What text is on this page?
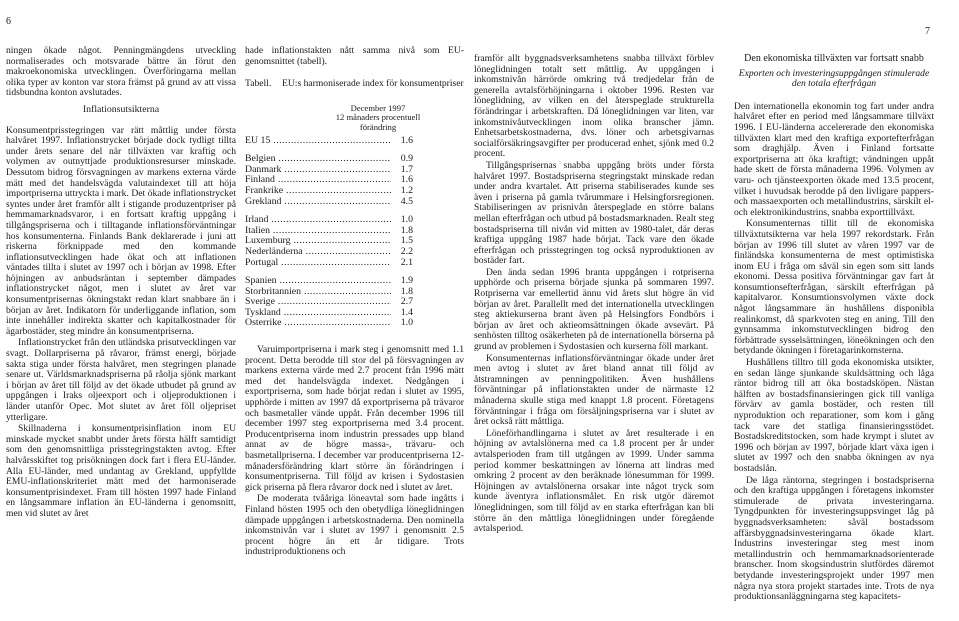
6
7

ningen ökade något. Penningmängdens utveckling normaliserades och motsvarade bättre än förut den makroekonomiska utvecklingen. Överföringarna mellan olika typer av konton var stora främst på grund av att vissa tidsbundna konton avslutades.

Inflationsutsikterna

Konsumentprisstegringen var rätt måttlig under första halvåret 1997. Inflationstrycket började dock tydligt tillta under årets senare del när tillväxten var kraftig och volymen av outnyttjade produktionsresurser minskade. Dessutom bidrog försvagningen av markens externa värde mätt med det handelsvägda valutaindexet till att höja importpriserna uttryckta i mark. Det ökade inflationstrycket syntes under året framför allt i stigande produzentpriser på hemmamarknadsvaror, i en fortsatt kraftig uppgång i tillgångspriserna och i tilltagande inflationsförväntningar hos konsumenterna. Finlands Bank deklarerade i juni att riskerna förknippade med den kommande inflationsutvecklingen hade ökat och att inflationen väntades tillta i slutet av 1997 och i början av 1998. Efter höjningen av anbudsräntan i september dämpades inflationstrycket något, men i slutet av året var konsumentprisernas ökningstakt redan klart snabbare än i början av året. Indikatorn för underliggande inflation, som inte innehåller indirekta skatter och kapitalkostnader för ägarbostäder, steg mindre än konsumentpriserna.

Inflationstrycket från den utländska prisutvecklingen var svagt. Dollarpriserna på råvaror, främst energi, började sakta stiga under första halvåret, men stegringen planade senare ut. Världsmarknadspriserna på råolja sjönk markant i början av året till följd av det ökade utbudet på grund av uppgången i Iraks oljeexport och i oljeproduktionen i länder utanför Opec. Mot slutet av året föll oljepriset ytterligare.

Skillnaderna i konsumentprisinflation inom EU minskade mycket snabbt under årets första hälft samtidigt som den genomsnittliga prisstegringstakten avtog. Efter halvårsskiftet tog prisökningen dock fart i flera EU-länder. Alla EU-länder, med undantag av Grekland, uppfyllde EMU-inflationskriteriet mätt med det harmoniserade konsumentprisindexet. Fram till hösten 1997 hade Finland en långsammare inflation än EU-länderna i genomsnitt, men vid slutet av året

hade inflationstakten nått samma nivå som EU-genomsnittet (tabell).

Tabell.	EU:s harmoniserade index för konsumentpriser
December 1997
12 månaders procentuell förändring
EU 15 .....	1.6
Belgien .....	0.9
Danmark .....	1.7
Finland .....	1.6
Frankrike .....	1.2
Grekland .....	4.5
Irland .....	1.0
Italien .....	1.8
Luxemburg .....	1.5
Nederländerna .....	2.2
Portugal .....	2.1
Spanien .....	1.9
Storbritannien .....	1.8
Sverige .....	2.7
Tyskland .....	1.4
Österrike .....	1.0

Varuimportpriserna i mark steg i genomsnitt med 1.1 procent. Detta berodde till stor del på försvagningen av markens externa värde med 2.7 procent från 1996 mätt med det handelsvägda indexet. Nedgången i exportpriserna, som hade börjat redan i slutet av 1995, upphörde i mitten av 1997 då exportpriserna på trävaror och basmetaller vände uppåt. Från december 1996 till december 1997 steg exportpriserna med 3.4 procent. Producentpriserna inom industrin pressades upp bland annat av de högre massa-, trävaru- och basmetallpriserna. I december var producentpriserna 12-månadersförändring klart större än förändringen i konsumentpriserna. Till följd av krisen i Sydostasien gick priserna på flera råvaror dock ned i slutet av året.

De moderata tvååriga löneavtal som hade ingåtts i Finland hösten 1995 och den obetydliga löneglidningen dämpade uppgången i arbetskostnaderna. Den nominella inkomstnivån var i slutet av 1997 i genomsnitt 2.5 procent högre än ett år tidigare. Trots industriproduktionens och

framför allt byggnadsverksamhetens snabba tillväxt förblev löneglidningen totalt sett måttlig. Av uppgången i inkomstnivån härrörde omkring två tredjedelar från de generella avtalsförhöjningarna i oktober 1996. Resten var löneglidning, av vilken en del återspeglade strukturella förändringar i arbetskraften. Då löneglidningen var liten, var inkomstnivåutvecklingen inom olika branscher jämn. Enhetsarbetskostnaderna, dvs. löner och arbetsgivarnas socialförsäkringsavgifter per producerad enhet, sjönk med 0.2 procent.

Tillgångsprisernas snabba uppgång bröts under första halvåret 1997. Bostadspriserna stegringstakt minskade redan under andra kvartalet. Att priserna stabiliserades kunde ses även i priserna på gamla tvårummare i Helsingforsregionen. Stabiliseringen av prisnivån återspeglade en större balans mellan efterfrågan och utbud på bostadsmarknaden. Realt steg bostadspriserna till nivån vid mitten av 1980-talet, där deras kraftiga uppgång 1987 hade börjat. Tack vare den ökade efterfrågan och prisstegringen tog också nyproduktionen av bostäder fart.

Den ända sedan 1996 branta uppgången i rotpriserna upphörde och priserna började sjunka på sommaren 1997. Rotpriserna var emellertid ännu vid årets slut högre än vid början av året. Parallellt med det internationella utvecklingen steg aktiekurserna brant även på Helsingfors Fondbörs i början av året och aktieomsättningen ökade avsevärt. På senhösten tilltog osäkerheten på de internationella börserna på grund av problemen i Sydostasien och kurserna föll markant.

Konsumenternas inflationsförväntningar ökade under året men avtog i slutet av året bland annat till följd av åtstramningen av penningpolitiken. Även hushållens förväntningar på inflationstakten under de närmaste 12 månaderna skulle stiga med knappt 1.8 procent. Företagens förväntningar i fråga om försäljningspriserna var i slutet av året också rätt måttliga.

Löneförhandlingarna i slutet av året resulterade i en höjning av avtalslönerna med ca 1.8 procent per år under avtalsperioden fram till utgången av 1999. Under samma period kommer beskattningen av lönerna att lindras med omkring 2 procent av den beräknade lönesumman för 1999. Höjningen av avtalslönerna orsakar inte något tryck som kunde äventyra inflationsmålet. En risk utgör däremot löneglidningen, som till följd av en starka efterfrågan kan bli större än den måttliga löneglidningen under föregående avtalsperiod.

Den ekonomiska tillväxten var fortsatt snabb
Exporten och investeringsuppgången stimulerade den totala efterfrågan

Den internationella ekonomin tog fart under andra halvåret efter en period med långsammare tillväxt 1996. I EU-länderna accelererade den ekonomiska tillväxten klart med den kraftiga exportefterfrågan som draghjälp. Även i Finland fortsatte exportpriserna att öka kraftigt; vändningen uppåt hade skett de första månaderna 1996. Volymen av varu- och tjänsteexporten ökade med 13.5 procent, vilket i huvudsak berodde på den livligare pappers- och massaexporten och metallindustrins, särskilt el- och elektronikindustrins, snabba exporttillväxt.

Konsumenternas tillit till de ekonomiska tillväxtutsikterna var hela 1997 rekordstark. Från början av 1996 till slutet av våren 1997 var de finländska konsumenterna de mest optimistiska inom EU i fråga om såväl sin egen som sitt lands ekonomi. Dessa positiva förväntningar gav fart åt konsumtionsefterfrågan, särskilt efterfrågan på kapitalvaror. Konsumtionsvolymen växte dock något långsammare än hushållens disponibla realinkomst, då sparkvoten steg en aning. Till den gynnsamma inkomstutvecklingen bidrog den förbättrade sysselsättningen, löneökningen och den betydande ökningen i företagarinkomsterna.

Hushållens tilltro till goda ekonomiska utsikter, en sedan länge sjunkande skuldsättning och låga räntor bidrog till att öka bostadsköpen. Nästan hälften av bostadsfinansieringen gick till vanliga förvärv av gamla bostäder, och resten till nyproduktion och reparationer, som kom i gång tack vare det statliga finansieringsstödet. Bostadskreditstocken, som hade krympt i slutet av 1996 och början av 1997, började klart växa igen i slutet av 1997 och den snabba ökningen av nya bostadslån.

De låga räntorna, stegringen i bostadspriserna och den kraftiga uppgången i företagens inkomster stimulerade de privata investeringarna. Tyngdpunkten för investeringsuppsvinget låg på byggnadsverksamheten: såväl bostadssom affärsbyggnadsinvesteringarna ökade klart. Industrins investeringar steg mest inom metallindustrin och hemmamarknadsorienterade branscher. Inom skogsindustrin slutfördes däremot betydande investeringsprojekt under 1997 men några nya stora projekt startades inte. Trots de nya produktionsanläggningarna steg kapacitets-
